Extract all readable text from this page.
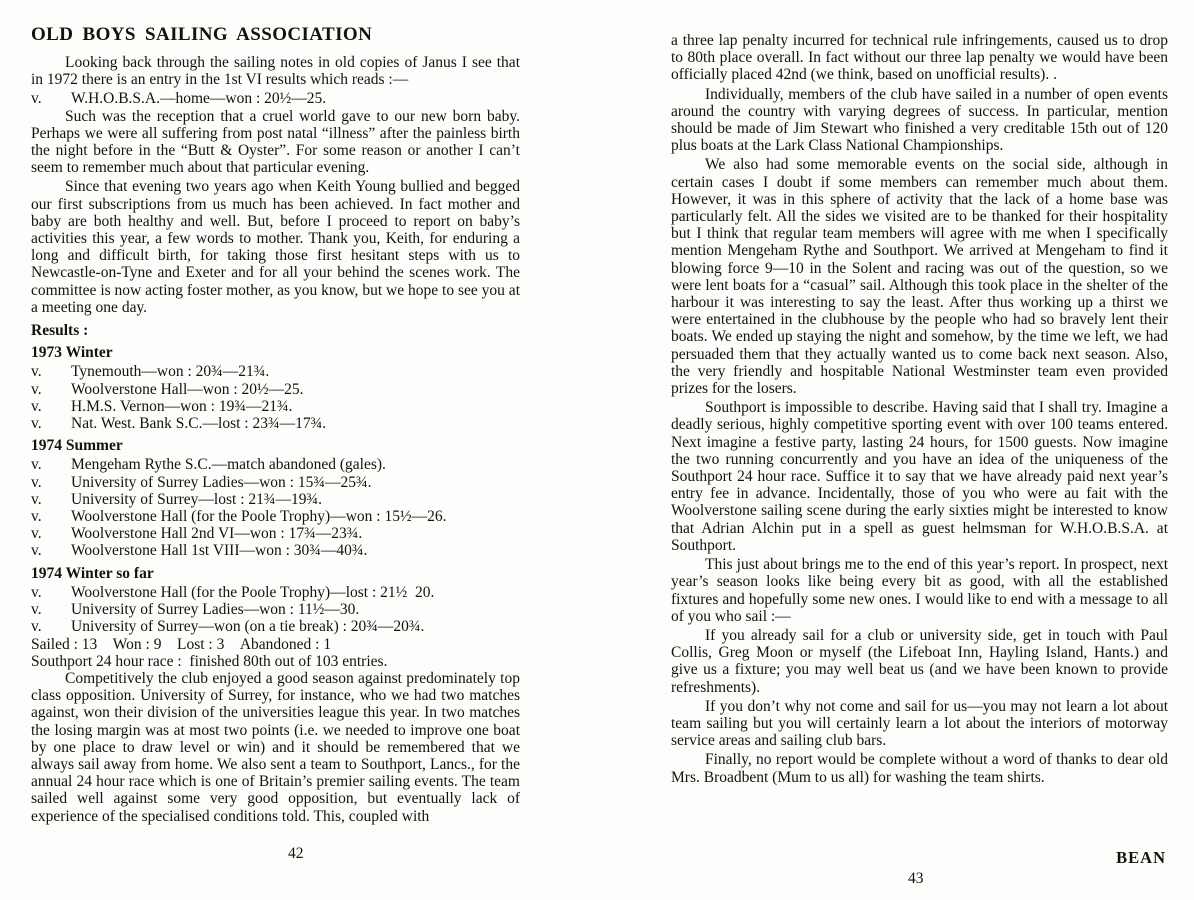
OLD BOYS SAILING ASSOCIATION

Looking back through the sailing notes in old copies of Janus I see that in 1972 there is an entry in the 1st VI results which reads :—

v.	W.H.O.B.S.A.—home—won : 20½—25.

Such was the reception that a cruel world gave to our new born baby. Perhaps we were all suffering from post natal “illness” after the painless birth the night before in the “Butt & Oyster”. For some reason or another I can’t seem to remember much about that particular evening.

Since that evening two years ago when Keith Young bullied and begged our first subscriptions from us much has been achieved. In fact mother and baby are both healthy and well. But, before I proceed to report on baby’s activities this year, a few words to mother. Thank you, Keith, for enduring a long and difficult birth, for taking those first hesitant steps with us to Newcastle-on-Tyne and Exeter and for all your behind the scenes work. The committee is now acting foster mother, as you know, but we hope to see you at a meeting one day.

Results :
1973 Winter
v.	Tynemouth—won : 20¾—21¾.
v.	Woolverstone Hall—won : 20½—25.
v.	H.M.S. Vernon—won : 19¾—21¾.
v.	Nat. West. Bank S.C.—lost : 23¾—17¾.
1974 Summer
v.	Mengeham Rythe S.C.—match abandoned (gales).
v.	University of Surrey Ladies—won : 15¾—25¾.
v.	University of Surrey—lost : 21¾—19¾.
v.	Woolverstone Hall (for the Poole Trophy)—won : 15½—26.
v.	Woolverstone Hall 2nd VI—won : 17¾—23¾.
v.	Woolverstone Hall 1st VIII—won : 30¾—40¾.
1974 Winter so far
v.	Woolverstone Hall (for the Poole Trophy)—lost : 21½ 20.
v.	University of Surrey Ladies—won : 11½—30.
v.	University of Surrey—won (on a tie break) : 20¾—20¾.
Sailed : 13 Won : 9 Lost : 3 Abandoned : 1
Southport 24 hour race : finished 80th out of 103 entries.

Competitively the club enjoyed a good season against predominately top class opposition. University of Surrey, for instance, who we had two matches against, won their division of the universities league this year. In two matches the losing margin was at most two points (i.e. we needed to improve one boat by one place to draw level or win) and it should be remembered that we always sail away from home. We also sent a team to Southport, Lancs., for the annual 24 hour race which is one of Britain’s premier sailing events. The team sailed well against some very good opposition, but eventually lack of experience of the specialised conditions told. This, coupled with

a three lap penalty incurred for technical rule infringements, caused us to drop to 80th place overall. In fact without our three lap penalty we would have been officially placed 42nd (we think, based on unofficial results). .

Individually, members of the club have sailed in a number of open events around the country with varying degrees of success. In particular, mention should be made of Jim Stewart who finished a very creditable 15th out of 120 plus boats at the Lark Class National Championships.

We also had some memorable events on the social side, although in certain cases I doubt if some members can remember much about them. However, it was in this sphere of activity that the lack of a home base was particularly felt. All the sides we visited are to be thanked for their hospitality but I think that regular team members will agree with me when I specifically mention Mengeham Rythe and Southport. We arrived at Mengeham to find it blowing force 9—10 in the Solent and racing was out of the question, so we were lent boats for a “casual” sail. Although this took place in the shelter of the harbour it was interesting to say the least. After thus working up a thirst we were entertained in the clubhouse by the people who had so bravely lent their boats. We ended up staying the night and somehow, by the time we left, we had persuaded them that they actually wanted us to come back next season. Also, the very friendly and hospitable National Westminster team even provided prizes for the losers.

Southport is impossible to describe. Having said that I shall try. Imagine a deadly serious, highly competitive sporting event with over 100 teams entered. Next imagine a festive party, lasting 24 hours, for 1500 guests. Now imagine the two running concurrently and you have an idea of the uniqueness of the Southport 24 hour race. Suffice it to say that we have already paid next year’s entry fee in advance. Incidentally, those of you who were au fait with the Woolverstone sailing scene during the early sixties might be interested to know that Adrian Alchin put in a spell as guest helmsman for W.H.O.B.S.A. at Southport.

This just about brings me to the end of this year’s report. In prospect, next year’s season looks like being every bit as good, with all the established fixtures and hopefully some new ones. I would like to end with a message to all of you who sail :—

If you already sail for a club or university side, get in touch with Paul Collis, Greg Moon or myself (the Lifeboat Inn, Hayling Island, Hants.) and give us a fixture; you may well beat us (and we have been known to provide refreshments).

If you don’t why not come and sail for us—you may not learn a lot about team sailing but you will certainly learn a lot about the interiors of motorway service areas and sailing club bars.

Finally, no report would be complete without a word of thanks to dear old Mrs. Broadbent (Mum to us all) for washing the team shirts.

BEAN
42
43
